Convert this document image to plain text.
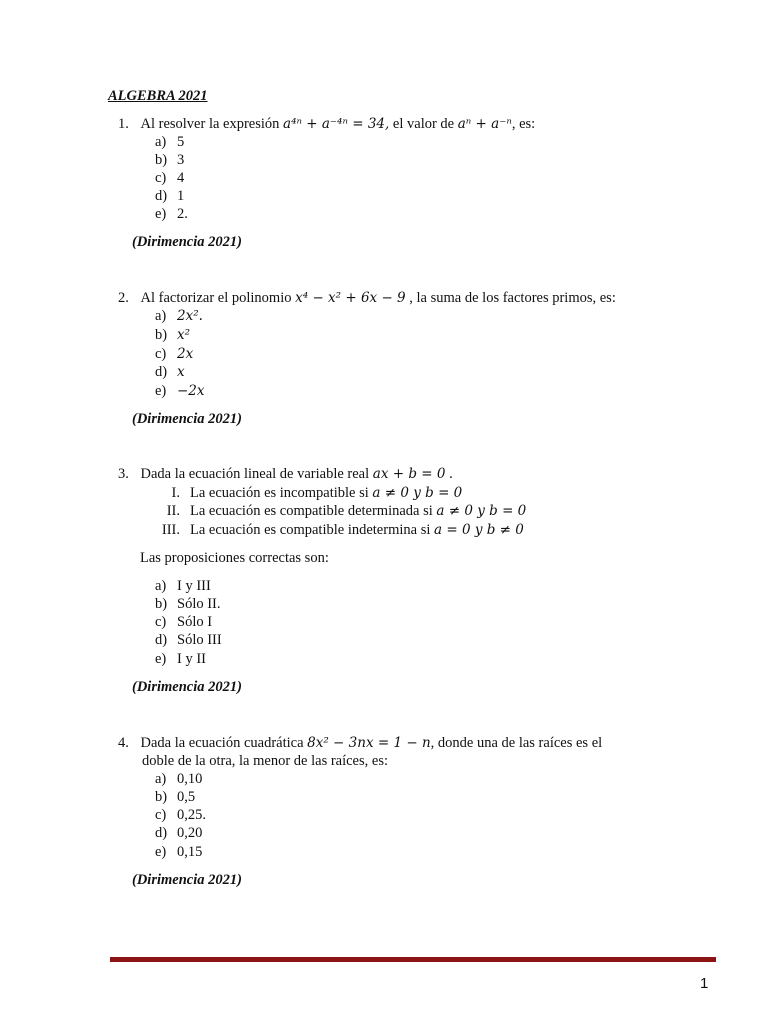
ALGEBRA 2021
1. Al resolver la expresión a⁴ⁿ + a⁻⁴ⁿ = 34, el valor de aⁿ + a⁻ⁿ, es:
a) 5
b) 3
c) 4
d) 1
e) 2.
(Dirimencia 2021)
2. Al factorizar el polinomio x⁴ − x² + 6x − 9 , la suma de los factores primos, es:
a) 2x².
b) x²
c) 2x
d) x
e) −2x
(Dirimencia 2021)
3. Dada la ecuación lineal de variable real ax + b = 0 .
I. La ecuación es incompatible si a ≠ 0 y b = 0
II. La ecuación es compatible determinada si a ≠ 0 y b = 0
III. La ecuación es compatible indetermina si a = 0 y b ≠ 0
Las proposiciones correctas son:
a) I y III
b) Sólo II.
c) Sólo I
d) Sólo III
e) I y II
(Dirimencia 2021)
4. Dada la ecuación cuadrática 8x² − 3nx = 1 − n, donde una de las raíces es el
doble de la otra, la menor de las raíces, es:
a) 0,10
b) 0,5
c) 0,25.
d) 0,20
e) 0,15
(Dirimencia 2021)
1
